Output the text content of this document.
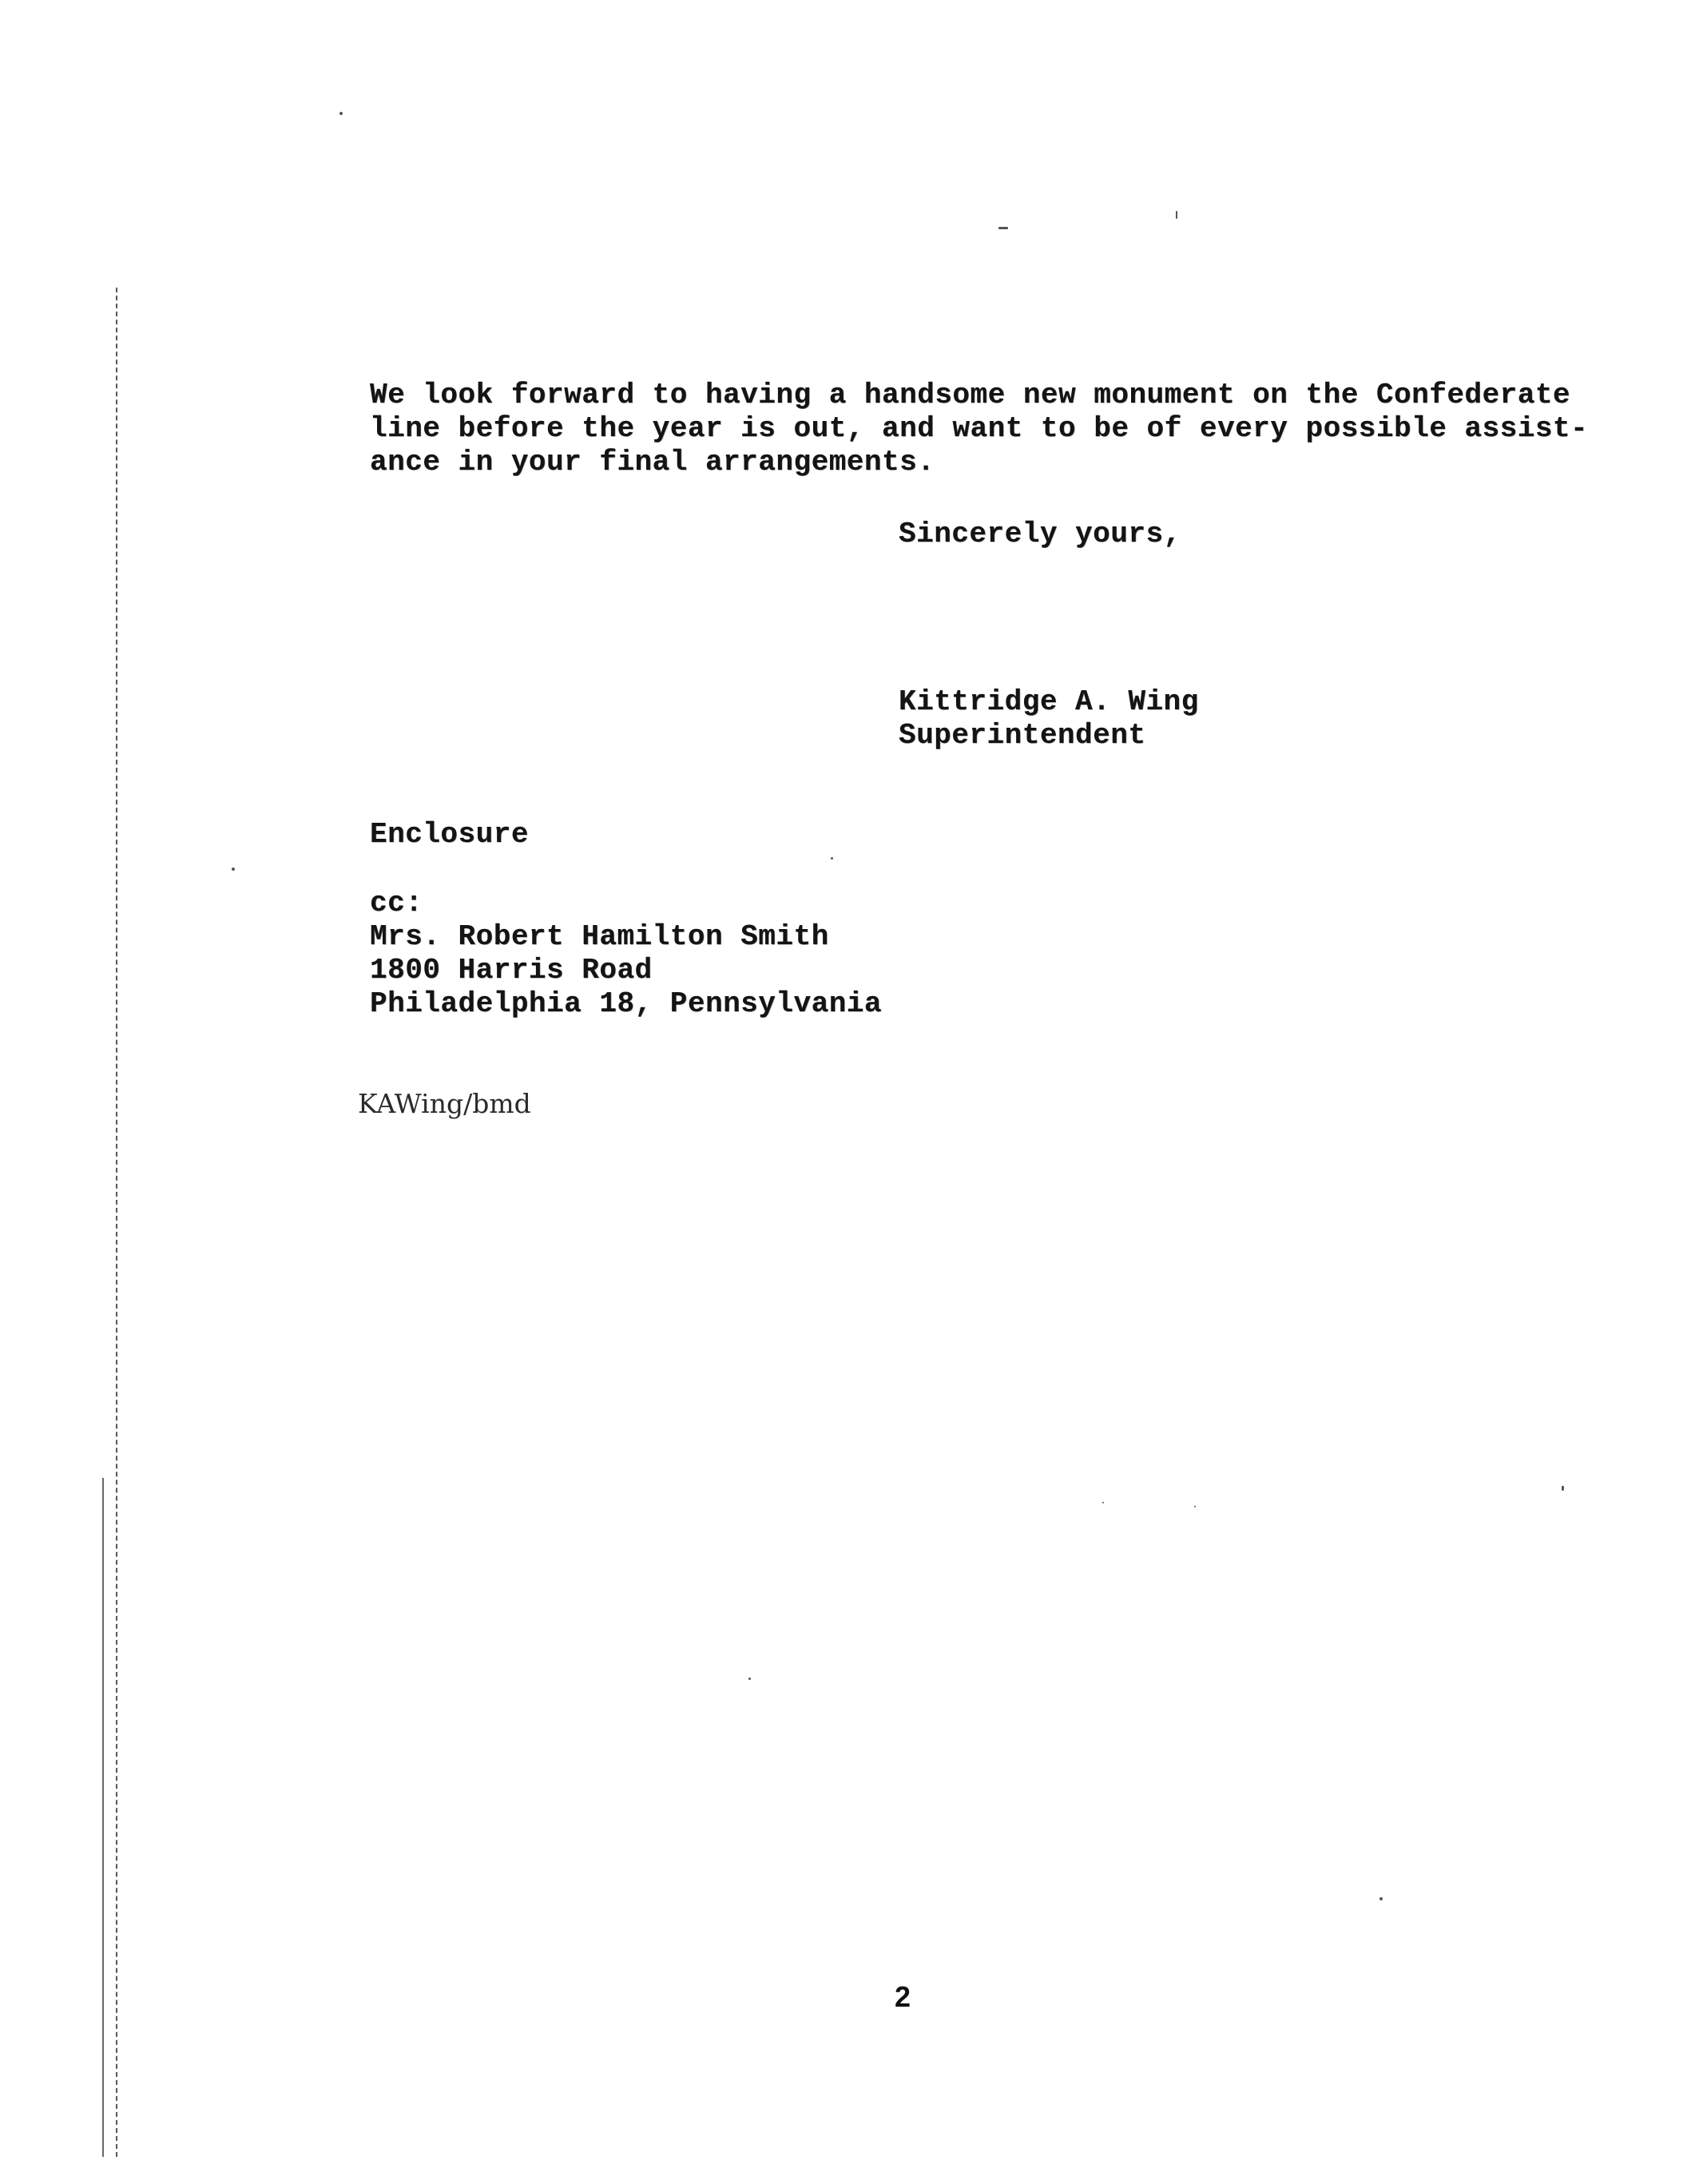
We look forward to having a handsome new monument on the Confederate

line before the year is out, and want to be of every possible assist-

ance in your final arrangements.

Sincerely yours,

Kittridge A. Wing

Superintendent

Enclosure

cc:

Mrs. Robert Hamilton Smith

1800 Harris Road

Philadelphia 18, Pennsylvania

KAWing/bmd
2
